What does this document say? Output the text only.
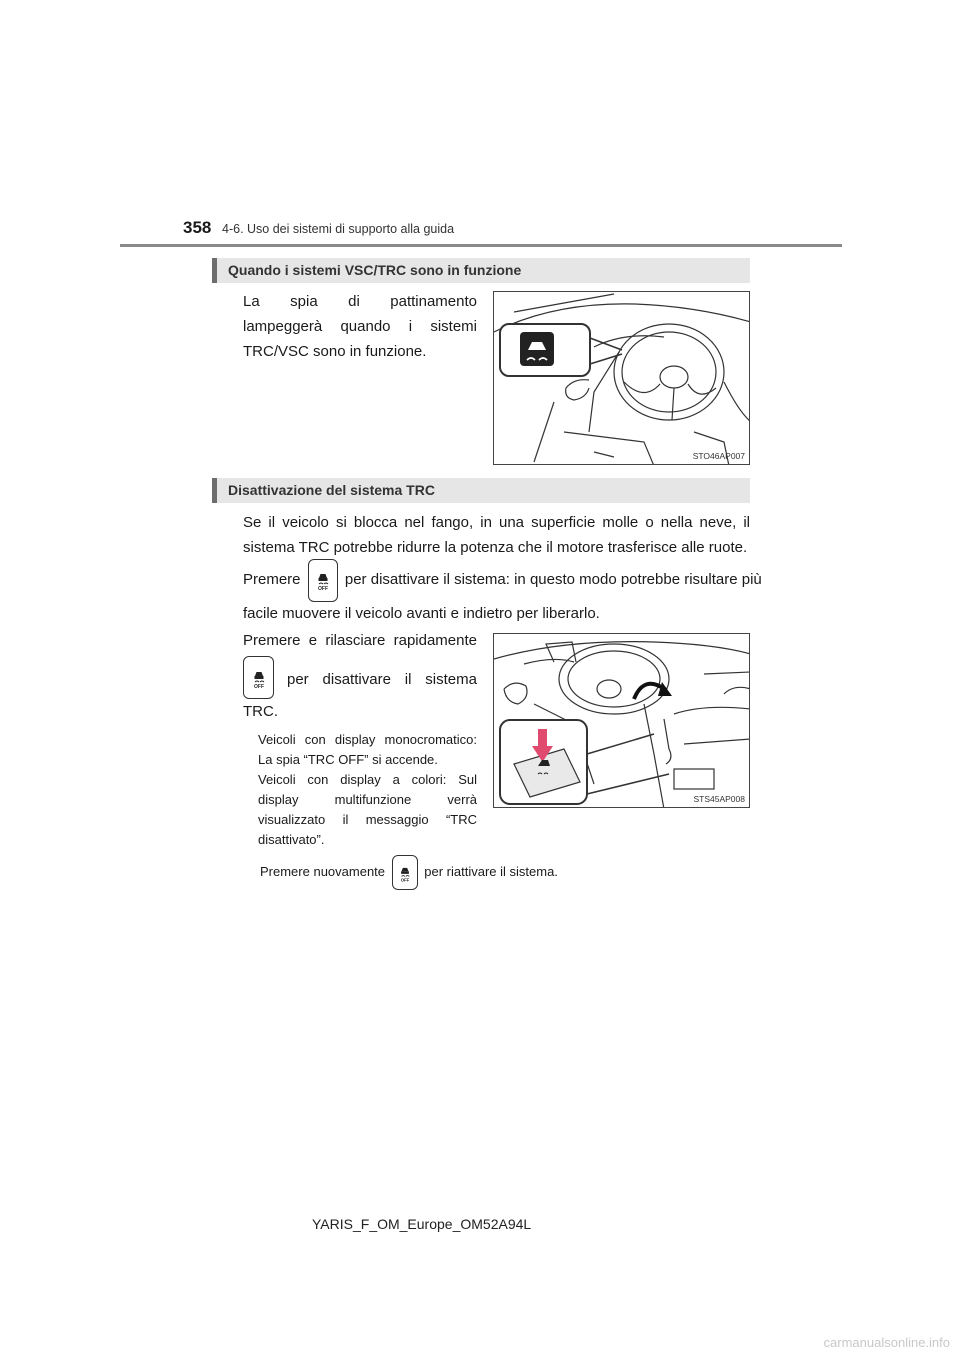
358 4-6. Uso dei sistemi di supporto alla guida
Quando i sistemi VSC/TRC sono in funzione
La spia di pattinamento lampeggerà quando i sistemi TRC/VSC sono in funzione.
STO46AP007
Disattivazione del sistema TRC
Se il veicolo si blocca nel fango, in una superficie molle o nella neve, il sistema TRC potrebbe ridurre la potenza che il motore trasferisce alle ruote.
Premere
OFF
per disattivare il sistema: in questo modo potrebbe risultare più
facile muovere il veicolo avanti e indietro per liberarlo.
Premere e rilasciare rapidamente
OFF per disattivare il sistema
TRC.
Veicoli con display monocromatico: La spia “TRC OFF” si accende.
Veicoli con display a colori: Sul display multifunzione verrà visualizzato il messaggio “TRC disattivato”.
Premere nuovamente
OFF
per riattivare il sistema.
STS45AP008
YARIS_F_OM_Europe_OM52A94L
carmanualsonline.info
